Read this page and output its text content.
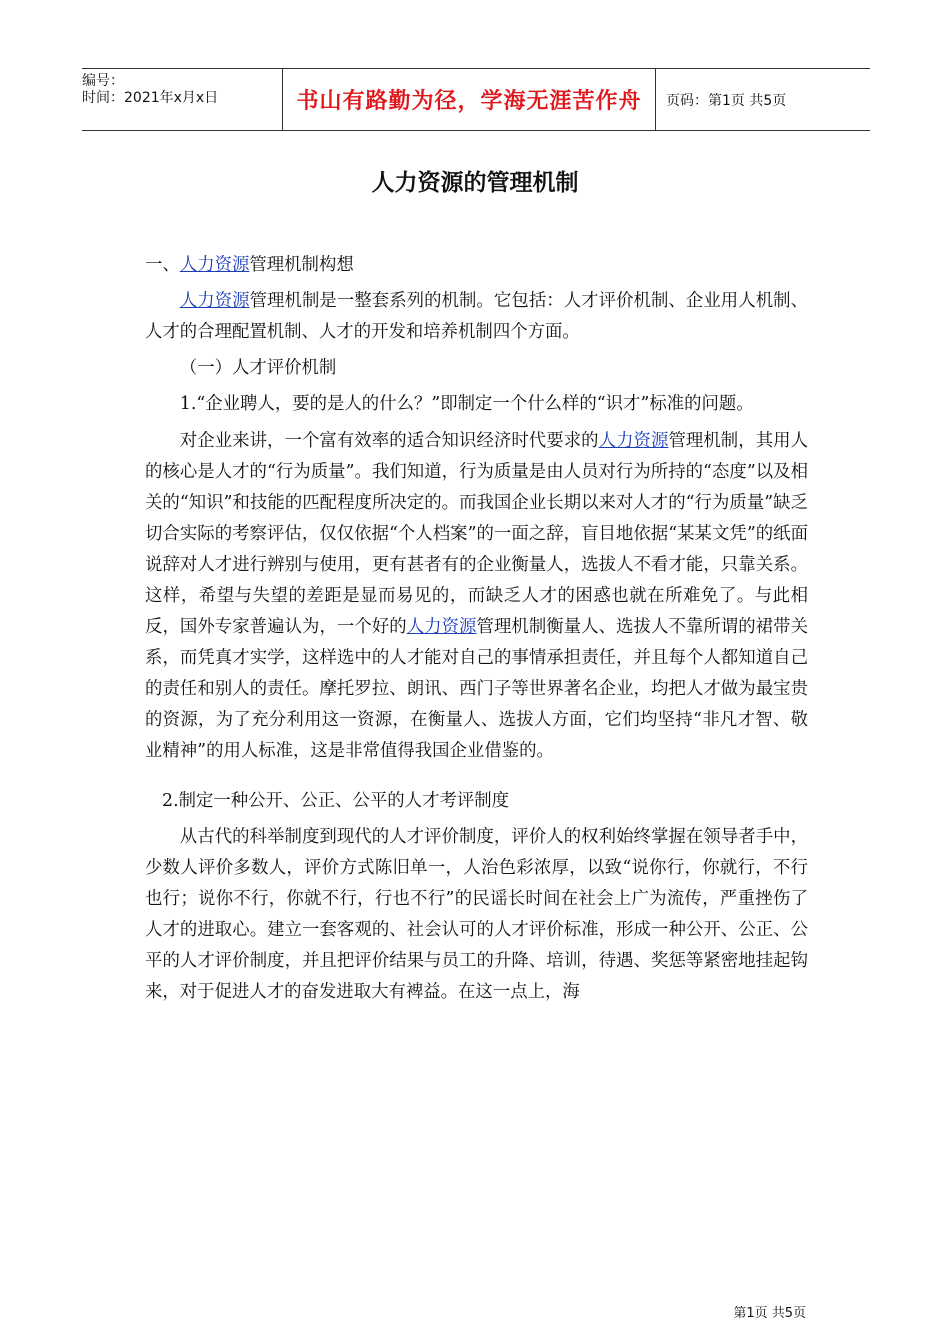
编号：
时间：2021年x月x日	书山有路勤为径，学海无涯苦作舟	页码：第1页 共5页
人力资源的管理机制

一、人力资源管理机制构想

人力资源管理机制是一整套系列的机制。它包括：人才评价机制、企业用人机制、人才的合理配置机制、人才的开发和培养机制四个方面。

（一）人才评价机制

1.“企业聘人，要的是人的什么？”即制定一个什么样的“识才”标准的问题。

对企业来讲，一个富有效率的适合知识经济时代要求的人力资源管理机制，其用人的核心是人才的“行为质量”。我们知道，行为质量是由人员对行为所持的“态度”以及相关的“知识”和技能的匹配程度所决定的。而我国企业长期以来对人才的“行为质量”缺乏切合实际的考察评估，仅仅依据“个人档案”的一面之辞，盲目地依据“某某文凭”的纸面说辞对人才进行辨别与使用，更有甚者有的企业衡量人，选拔人不看才能，只靠关系。这样，希望与失望的差距是显而易见的，而缺乏人才的困惑也就在所难免了。与此相反，国外专家普遍认为，一个好的人力资源管理机制衡量人、选拔人不靠所谓的裙带关系，而凭真才实学，这样选中的人才能对自己的事情承担责任，并且每个人都知道自己的责任和别人的责任。摩托罗拉、朗讯、西门子等世界著名企业，均把人才做为最宝贵的资源，为了充分利用这一资源，在衡量人、选拔人方面，它们均坚持“非凡才智、敬业精神”的用人标准，这是非常值得我国企业借鉴的。

2.制定一种公开、公正、公平的人才考评制度

从古代的科举制度到现代的人才评价制度，评价人的权利始终掌握在领导者手中，少数人评价多数人，评价方式陈旧单一，人治色彩浓厚，以致“说你行，你就行，不行也行；说你不行，你就不行，行也不行”的民谣长时间在社会上广为流传，严重挫伤了人才的进取心。建立一套客观的、社会认可的人才评价标准，形成一种公开、公正、公平的人才评价制度，并且把评价结果与员工的升降、培训，待遇、奖惩等紧密地挂起钩来，对于促进人才的奋发进取大有裨益。在这一点上，海

第1页 共5页
